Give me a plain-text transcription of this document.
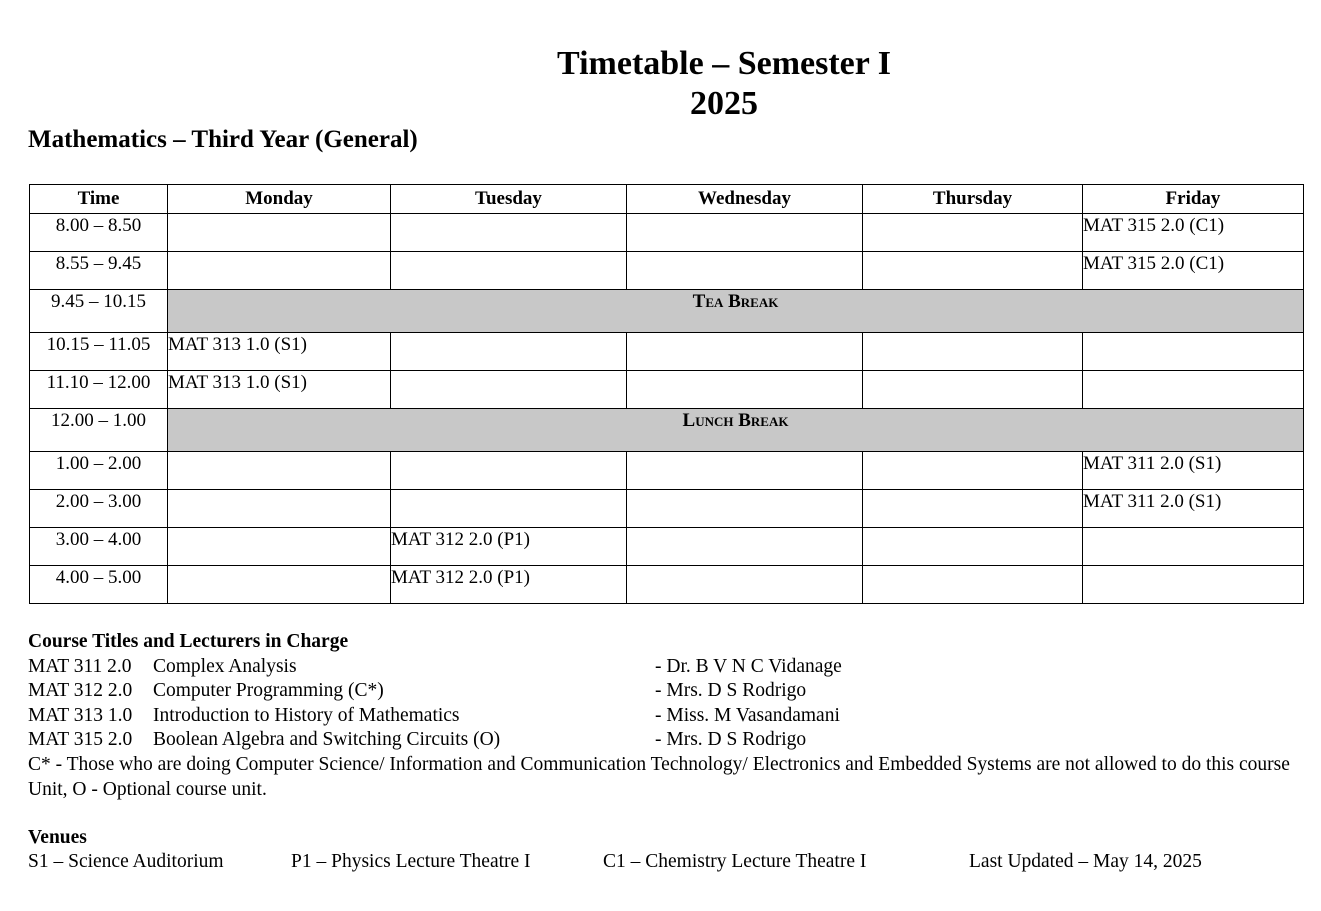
Timetable – Semester I
2025
Mathematics – Third Year (General)
Time	Monday	Tuesday	Wednesday	Thursday	Friday
8.00 – 8.50					MAT 315 2.0 (C1)
8.55 – 9.45					MAT 315 2.0 (C1)
9.45 – 10.15	Tea Break				
10.15 – 11.05	MAT 313 1.0 (S1)				
11.10 – 12.00	MAT 313 1.0 (S1)				
12.00 – 1.00	Lunch Break				
1.00 – 2.00					MAT 311 2.0 (S1)
2.00 – 3.00					MAT 311 2.0 (S1)
3.00 – 4.00		MAT 312 2.0 (P1)			
4.00 – 5.00		MAT 312 2.0 (P1)			
Course Titles and Lecturers in Charge
MAT 311 2.0 Complex Analysis	- Dr. B V N C Vidanage
MAT 312 2.0 Computer Programming (C*)	- Mrs. D S Rodrigo
MAT 313 1.0 Introduction to History of Mathematics	- Miss. M Vasandamani
MAT 315 2.0 Boolean Algebra and Switching Circuits (O)	- Mrs. D S Rodrigo
C* - Those who are doing Computer Science/ Information and Communication Technology/ Electronics and Embedded Systems are not allowed to do this course Unit, O - Optional course unit.
Venues
S1 – Science Auditorium	P1 – Physics Lecture Theatre I	C1 – Chemistry Lecture Theatre I	Last Updated – May 14, 2025
